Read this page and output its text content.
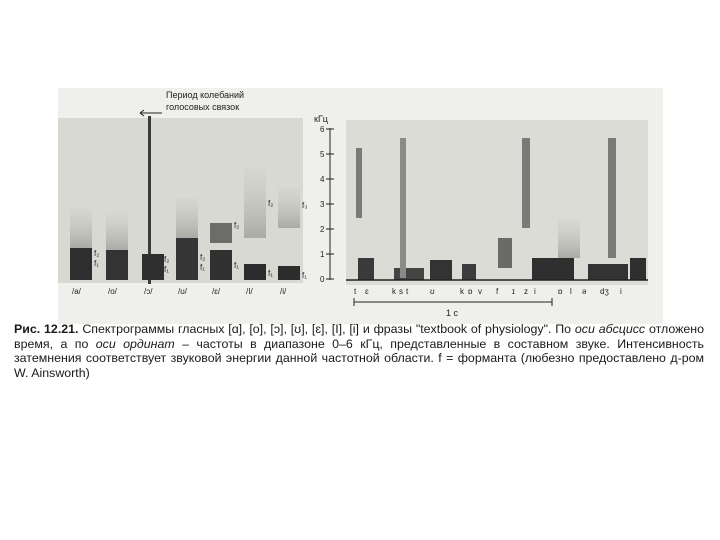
Период колебаний
голосовых связок
f₂
f₁	f₂
f₁
f₂
f₁
f₂
f₁
f₂
f₁
f₃
f₁
/a/	/o/	/ɔ/	/ʊ/	/ɛ/	/I/	/i/
кГц
0
1
2
3
4
5
6
t ɛ	k s t	ʊ	k ɒ v f ɪ z i	ɒ l ə dʒ i
1 с
Рис. 12.21. Спектрограммы гласных [ɑ], [o], [ɔ], [ʊ], [ɛ], [I], [i] и фразы "textbook of physiology". По оси абсцисс отложено время, а по оси ординат – частоты в диапазоне 0–6 кГц, представленные в составном звуке. Интенсивность затемнения соответствует звуковой энергии данной частотной области. f = форманта (любезно предоставлено д-ром W. Ainsworth)
